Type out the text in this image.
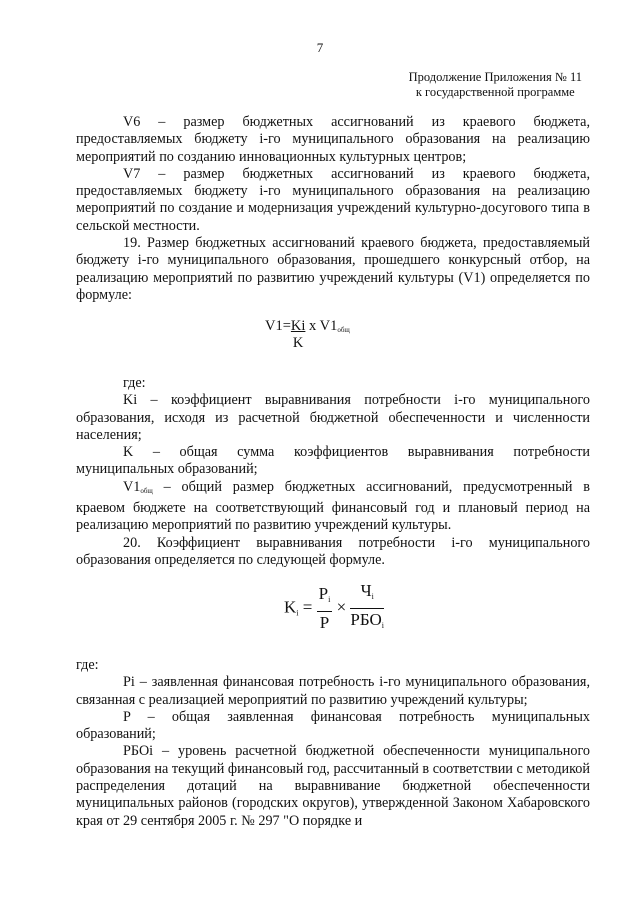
7
Продолжение Приложения № 11
к государственной программе

V6 – размер бюджетных ассигнований из краевого бюджета, предоставляемых бюджету i-го муниципального образования на реализацию мероприятий по созданию инновационных культурных центров;

V7 – размер бюджетных ассигнований из краевого бюджета, предоставляемых бюджету i-го муниципального образования на реализацию мероприятий по создание и модернизация учреждений культурно-досугового типа в сельской местности.

19. Размер бюджетных ассигнований краевого бюджета, предоставляемый бюджету i-го муниципального образования, прошедшего конкурсный отбор, на реализацию мероприятий по развитию учреждений культуры (V1) определяется по формуле:

$V1=\frac{Ki}{K}$ x $V1_{общ}$

где:

Ki – коэффициент выравнивания потребности i-го муниципального образования, исходя из расчетной бюджетной обеспеченности и численности населения;

K – общая сумма коэффициентов выравнивания потребности муниципальных образований;

$V1_{общ}$ – общий размер бюджетных ассигнований, предусмотренный в краевом бюджете на соответствующий финансовый год и плановый период на реализацию мероприятий по развитию учреждений культуры.

20. Коэффициент выравнивания потребности i-го муниципального образования определяется по следующей формуле.

$Ki = \frac{Pi}{P} \times \frac{Чi}{\text{РБОi}}$

где:

Pi – заявленная финансовая потребность i-го муниципального образования, связанная с реализацией мероприятий по развитию учреждений культуры;

P – общая заявленная финансовая потребность муниципальных образований;

РБОi – уровень расчетной бюджетной обеспеченности муниципального образования на текущий финансовый год, рассчитанный в соответствии с методикой распределения дотаций на выравнивание бюджетной обеспеченности муниципальных районов (городских округов), утвержденной Законом Хабаровского края от 29 сентября 2005 г. № 297 "О порядке и
